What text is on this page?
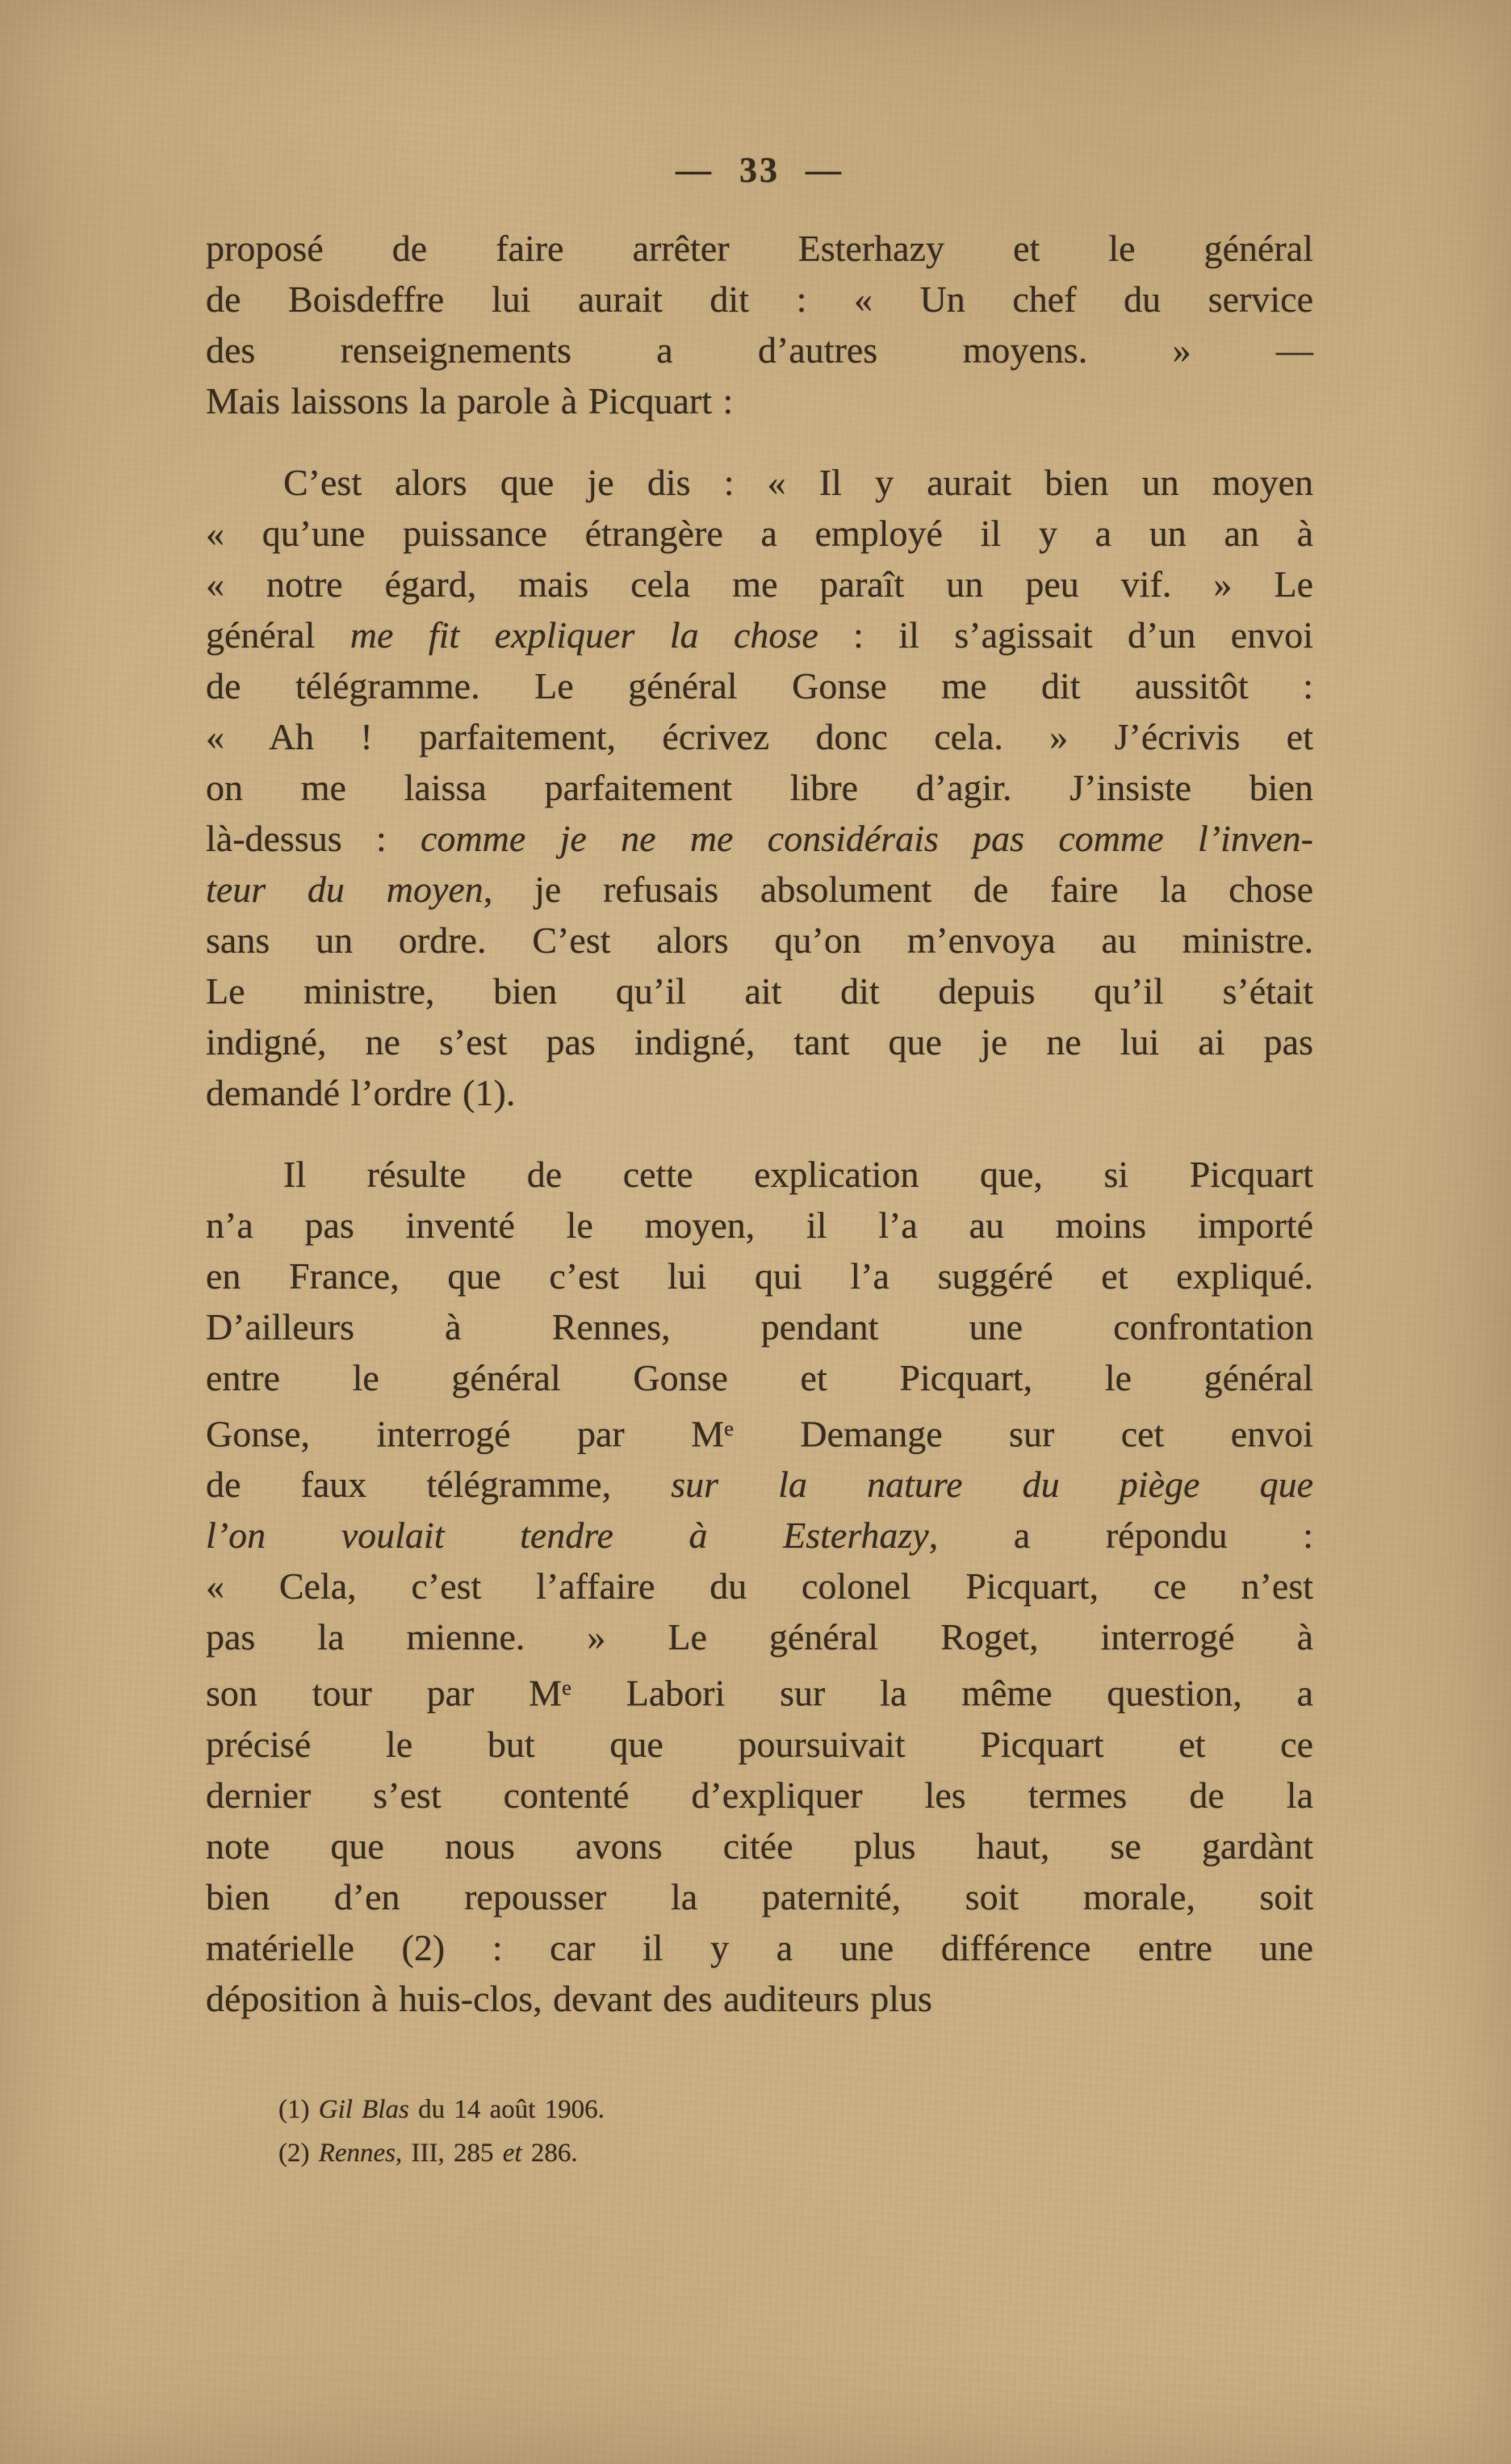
— 33 —
proposé de faire arrêter Esterhazy et le général
de Boisdeffre lui aurait dit : « Un chef du service
des renseignements a d’autres moyens. » —
Mais laissons la parole à Picquart :
C’est alors que je dis : « Il y aurait bien un moyen
« qu’une puissance étrangère a employé il y a un an à
« notre égard, mais cela me paraît un peu vif. » Le
général me fit expliquer la chose : il s’agissait d’un envoi
de télégramme. Le général Gonse me dit aussitôt :
« Ah ! parfaitement, écrivez donc cela. » J’écrivis et
on me laissa parfaitement libre d’agir. J’insiste bien
là-dessus : comme je ne me considérais pas comme l’inven-
teur du moyen, je refusais absolument de faire la chose
sans un ordre. C’est alors qu’on m’envoya au ministre.
Le ministre, bien qu’il ait dit depuis qu’il s’était
indigné, ne s’est pas indigné, tant que je ne lui ai pas
demandé l’ordre (1).
Il résulte de cette explication que, si Picquart
n’a pas inventé le moyen, il l’a au moins importé
en France, que c’est lui qui l’a suggéré et expliqué.
D’ailleurs à Rennes, pendant une confrontation
entre le général Gonse et Picquart, le général
Gonse, interrogé par Me Demange sur cet envoi
de faux télégramme, sur la nature du piège que
l’on voulait tendre à Esterhazy, a répondu :
« Cela, c’est l’affaire du colonel Picquart, ce n’est
pas la mienne. » Le général Roget, interrogé à
son tour par Me Labori sur la même question, a
précisé le but que poursuivait Picquart et ce
dernier s’est contenté d’expliquer les termes de la
note que nous avons citée plus haut, se gardànt
bien d’en repousser la paternité, soit morale, soit
matérielle (2) : car il y a une différence entre une
déposition à huis-clos, devant des auditeurs plus
(1) Gil Blas du 14 août 1906.
(2) Rennes, III, 285 et 286.
